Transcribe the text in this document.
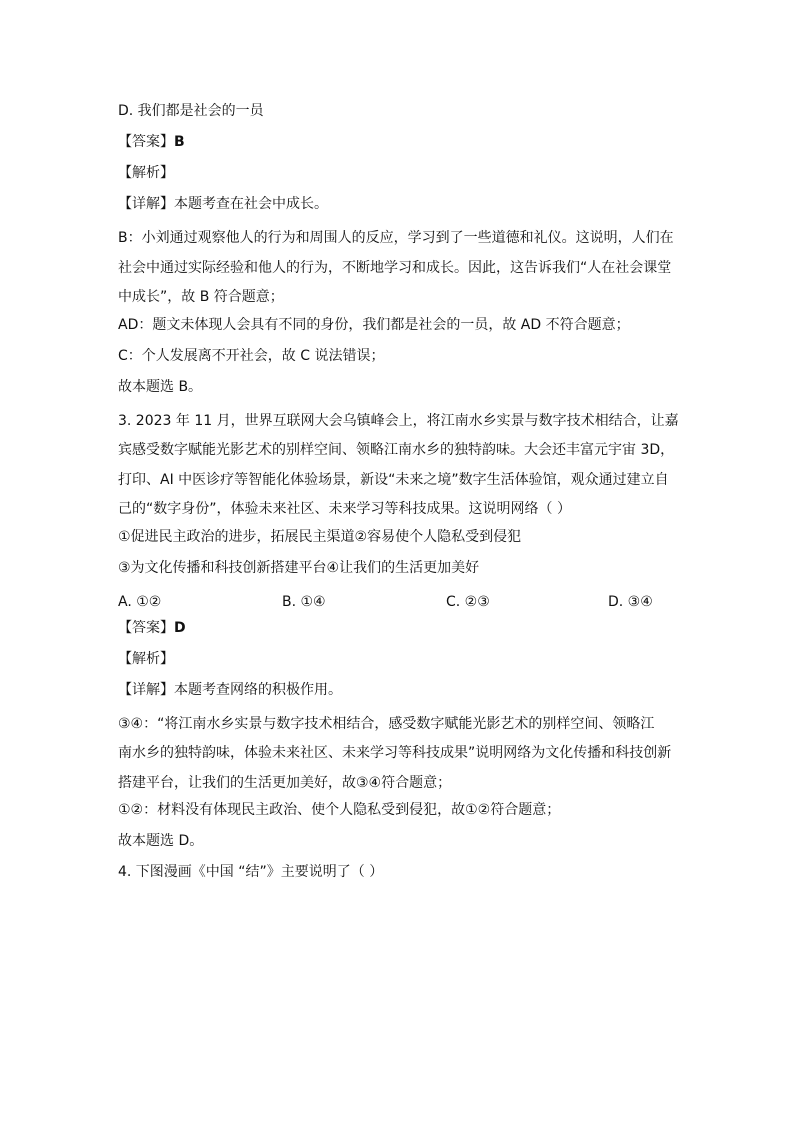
D. 我们都是社会的一员
【答案】B
【解析】
【详解】本题考查在社会中成长。
B：小刘通过观察他人的行为和周围人的反应，学习到了一些道德和礼仪。这说明，人们在
社会中通过实际经验和他人的行为，不断地学习和成长。因此，这告诉我们“人在社会课堂
中成长”，故 B 符合题意；
AD：题文未体现人会具有不同的身份，我们都是社会的一员，故 AD 不符合题意；
C：个人发展离不开社会，故 C 说法错误；
故本题选 B。
3. 2023 年 11 月，世界互联网大会乌镇峰会上，将江南水乡实景与数字技术相结合，让嘉
宾感受数字赋能光影艺术的别样空间、领略江南水乡的独特韵味。大会还丰富元宇宙 3D，
打印、AI 中医诊疗等智能化体验场景，新设“未来之境”数字生活体验馆，观众通过建立自
己的“数字身份”，体验未来社区、未来学习等科技成果。这说明网络（ ）
①促进民主政治的进步，拓展民主渠道②容易使个人隐私受到侵犯
③为文化传播和科技创新搭建平台④让我们的生活更加美好
A. ①②	B. ①④	C. ②③	D. ③④
【答案】D
【解析】
【详解】本题考查网络的积极作用。
③④：“将江南水乡实景与数字技术相结合，感受数字赋能光影艺术的别样空间、领略江
南水乡的独特韵味，体验未来社区、未来学习等科技成果”说明网络为文化传播和科技创新
搭建平台，让我们的生活更加美好，故③④符合题意；
①②：材料没有体现民主政治、使个人隐私受到侵犯，故①②符合题意；
故本题选 D。
4. 下图漫画《中国 “结”》主要说明了（ ）
